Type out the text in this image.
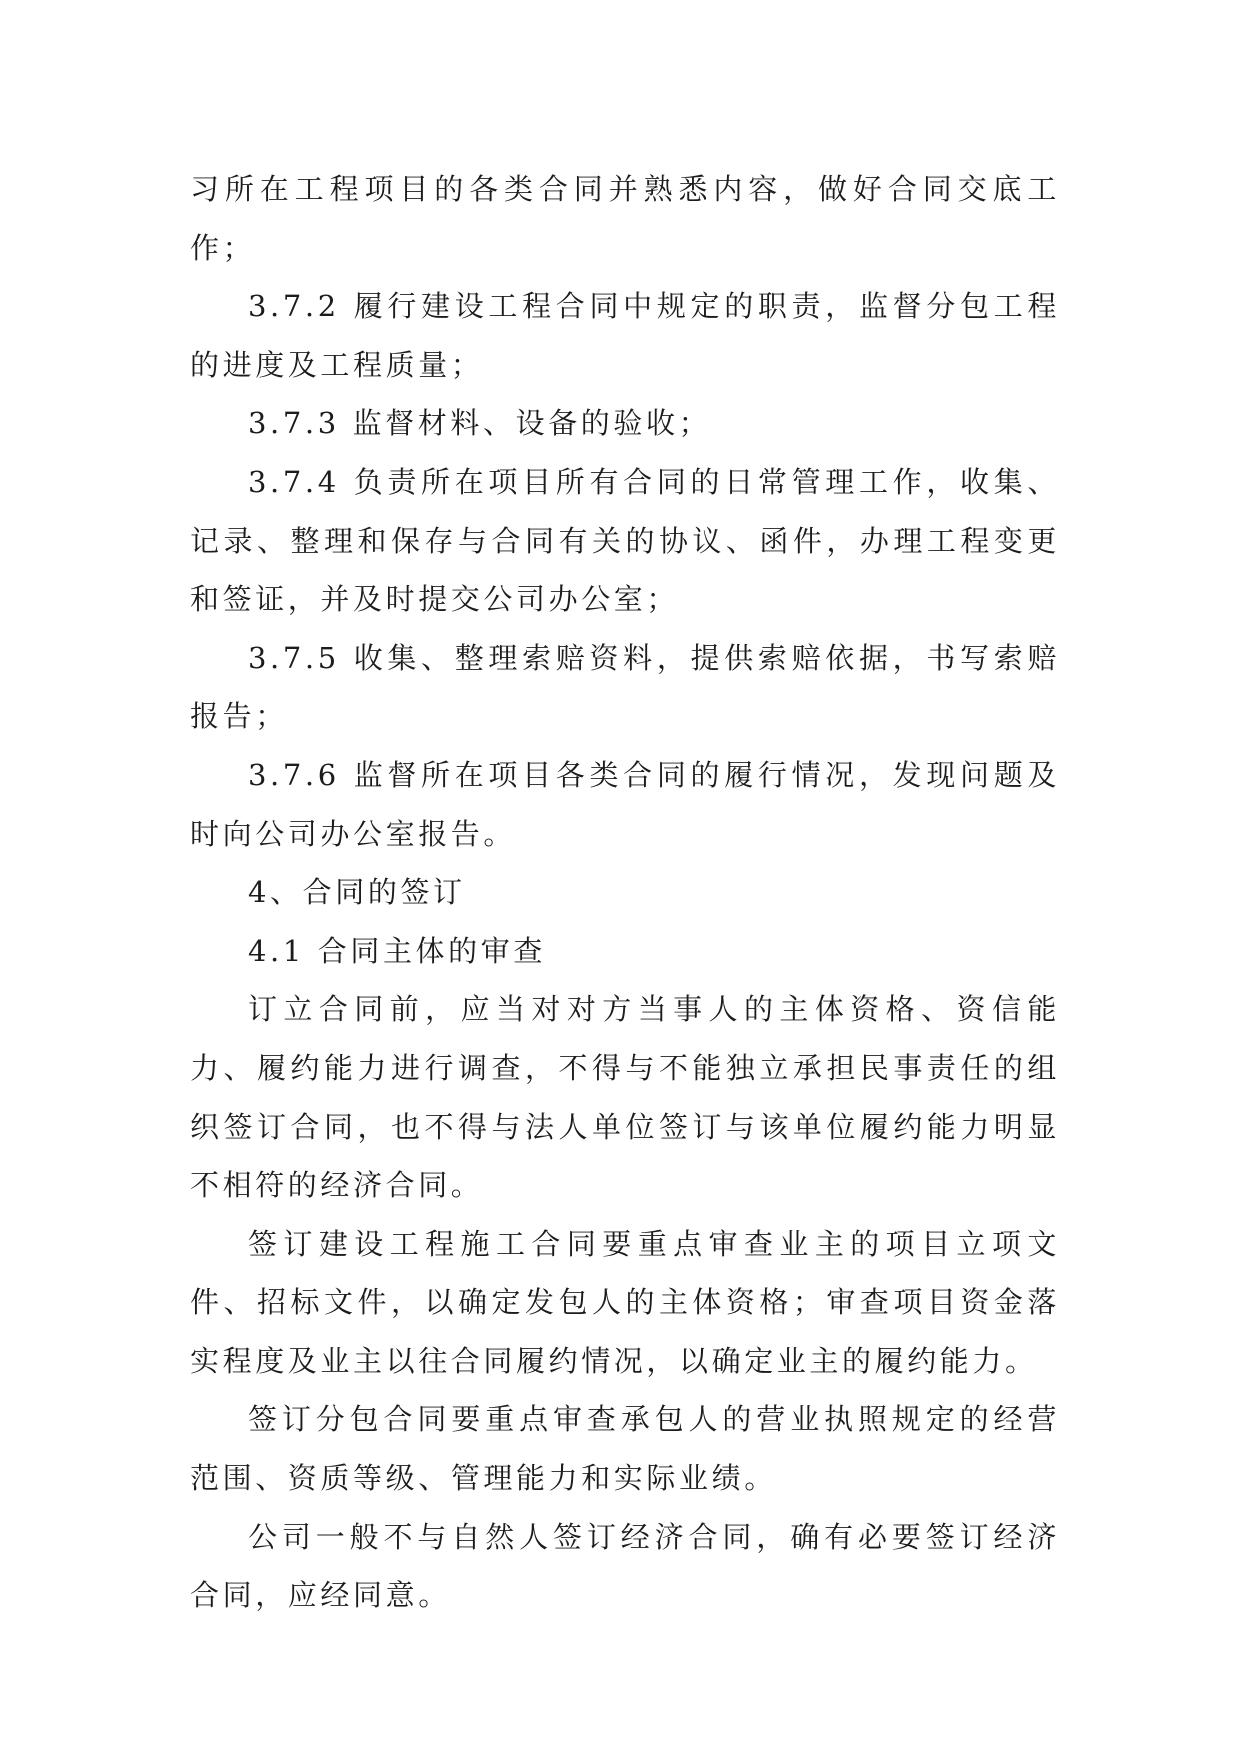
习所在工程项目的各类合同并熟悉内容，做好合同交底工作；

3.7.2 履行建设工程合同中规定的职责，监督分包工程的进度及工程质量；

3.7.3 监督材料、设备的验收；

3.7.4 负责所在项目所有合同的日常管理工作，收集、记录、整理和保存与合同有关的协议、函件，办理工程变更和签证，并及时提交公司办公室；

3.7.5 收集、整理索赔资料，提供索赔依据，书写索赔报告；

3.7.6 监督所在项目各类合同的履行情况，发现问题及时向公司办公室报告。

4、合同的签订

4.1 合同主体的审查

订立合同前，应当对对方当事人的主体资格、资信能力、履约能力进行调查，不得与不能独立承担民事责任的组织签订合同，也不得与法人单位签订与该单位履约能力明显不相符的经济合同。

签订建设工程施工合同要重点审查业主的项目立项文件、招标文件，以确定发包人的主体资格；审查项目资金落实程度及业主以往合同履约情况，以确定业主的履约能力。

签订分包合同要重点审查承包人的营业执照规定的经营范围、资质等级、管理能力和实际业绩。

公司一般不与自然人签订经济合同，确有必要签订经济合同，应经同意。
